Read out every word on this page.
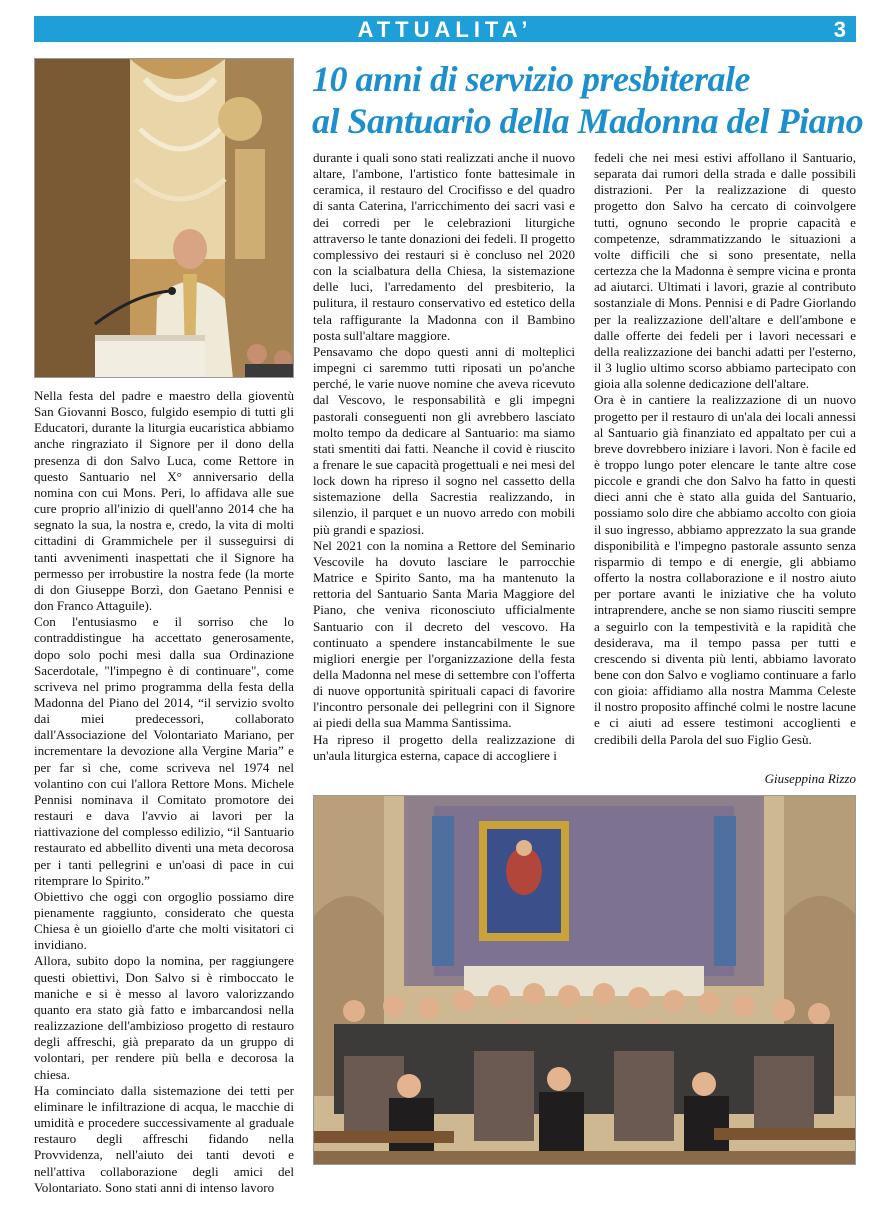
ATTUALITA’	3
10 anni di servizio presbiterale
al Santuario della Madonna del Piano

Nella festa del padre e maestro della gioventù San Giovanni Bosco, fulgido esempio di tutti gli Educatori, durante la liturgia eucaristica abbiamo anche ringraziato il Signore per il dono della presenza di don Salvo Luca, come Rettore in questo Santuario nel X° anniversario della nomina con cui Mons. Peri, lo affidava alle sue cure proprio all'inizio di quell'anno 2014 che ha segnato la sua, la nostra e, credo, la vita di molti cittadini di Grammichele per il susseguirsi di tanti avvenimenti inaspettati che il Signore ha permesso per irrobustire la nostra fede (la morte di don Giuseppe Borzì, don Gaetano Pennisi e don Franco Attaguile).

Con l'entusiasmo e il sorriso che lo contraddistingue ha accettato generosamente, dopo solo pochi mesi dalla sua Ordinazione Sacerdotale, "l'impegno è di continuare", come scriveva nel primo programma della festa della Madonna del Piano del 2014, “il servizio svolto dai miei predecessori, collaborato dall'Associazione del Volontariato Mariano, per incrementare la devozione alla Vergine Maria” e per far sì che, come scriveva nel 1974 nel volantino con cui l'allora Rettore Mons. Michele Pennisi nominava il Comitato promotore dei restauri e dava l'avvio ai lavori per la riattivazione del complesso edilizio, “il Santuario restaurato ed abbellito diventi una meta decorosa per i tanti pellegrini e un'oasi di pace in cui ritemprare lo Spirito.”

Obiettivo che oggi con orgoglio possiamo dire pienamente raggiunto, considerato che questa Chiesa è un gioiello d'arte che molti visitatori ci invidiano.

Allora, subito dopo la nomina, per raggiungere questi obiettivi, Don Salvo si è rimboccato le maniche e si è messo al lavoro valorizzando quanto era stato già fatto e imbarcandosi nella realizzazione dell'ambizioso progetto di restauro degli affreschi, già preparato da un gruppo di volontari, per rendere più bella e decorosa la chiesa.

Ha cominciato dalla sistemazione dei tetti per eliminare le infiltrazione di acqua, le macchie di umidità e procedere successivamente al graduale restauro degli affreschi fidando nella Provvidenza, nell'aiuto dei tanti devoti e nell'attiva collaborazione degli amici del Volontariato. Sono stati anni di intenso lavoro

durante i quali sono stati realizzati anche il nuovo altare, l'ambone, l'artistico fonte battesimale in ceramica, il restauro del Crocifisso e del quadro di santa Caterina, l'arricchimento dei sacri vasi e dei corredi per le celebrazioni liturgiche attraverso le tante donazioni dei fedeli. Il progetto complessivo dei restauri si è concluso nel 2020 con la scialbatura della Chiesa, la sistemazione delle luci, l'arredamento del presbiterio, la pulitura, il restauro conservativo ed estetico della tela raffigurante la Madonna con il Bambino posta sull'altare maggiore.

Pensavamo che dopo questi anni di molteplici impegni ci saremmo tutti riposati un po'anche perché, le varie nuove nomine che aveva ricevuto dal Vescovo, le responsabilità e gli impegni pastorali conseguenti non gli avrebbero lasciato molto tempo da dedicare al Santuario: ma siamo stati smentiti dai fatti. Neanche il covid è riuscito a frenare le sue capacità progettuali e nei mesi del lock down ha ripreso il sogno nel cassetto della sistemazione della Sacrestia realizzando, in silenzio, il parquet e un nuovo arredo con mobili più grandi e spaziosi.

Nel 2021 con la nomina a Rettore del Seminario Vescovile ha dovuto lasciare le parrocchie Matrice e Spirito Santo, ma ha mantenuto la rettoria del Santuario Santa Maria Maggiore del Piano, che veniva riconosciuto ufficialmente Santuario con il decreto del vescovo. Ha continuato a spendere instancabilmente le sue migliori energie per l'organizzazione della festa della Madonna nel mese di settembre con l'offerta di nuove opportunità spirituali capaci di favorire l'incontro personale dei pellegrini con il Signore ai piedi della sua Mamma Santissima.

Ha ripreso il progetto della realizzazione di un'aula liturgica esterna, capace di accogliere i

fedeli che nei mesi estivi affollano il Santuario, separata dai rumori della strada e dalle possibili distrazioni. Per la realizzazione di questo progetto don Salvo ha cercato di coinvolgere tutti, ognuno secondo le proprie capacità e competenze, sdrammatizzando le situazioni a volte difficili che si sono presentate, nella certezza che la Madonna è sempre vicina e pronta ad aiutarci. Ultimati i lavori, grazie al contributo sostanziale di Mons. Pennisi e di Padre Giorlando per la realizzazione dell'altare e dell'ambone e dalle offerte dei fedeli per i lavori necessari e della realizzazione dei banchi adatti per l'esterno, il 3 luglio ultimo scorso abbiamo partecipato con gioia alla solenne dedicazione dell'altare.

Ora è in cantiere la realizzazione di un nuovo progetto per il restauro di un'ala dei locali annessi al Santuario già finanziato ed appaltato per cui a breve dovrebbero iniziare i lavori. Non è facile ed è troppo lungo poter elencare le tante altre cose piccole e grandi che don Salvo ha fatto in questi dieci anni che è stato alla guida del Santuario, possiamo solo dire che abbiamo accolto con gioia il suo ingresso, abbiamo apprezzato la sua grande disponibilità e l'impegno pastorale assunto senza risparmio di tempo e di energie, gli abbiamo offerto la nostra collaborazione e il nostro aiuto per portare avanti le iniziative che ha voluto intraprendere, anche se non siamo riusciti sempre a seguirlo con la tempestività e la rapidità che desiderava, ma il tempo passa per tutti e crescendo si diventa più lenti, abbiamo lavorato bene con don Salvo e vogliamo continuare a farlo con gioia: affidiamo alla nostra Mamma Celeste il nostro proposito affinché colmi le nostre lacune e ci aiuti ad essere testimoni accoglienti e credibili della Parola del suo Figlio Gesù.

Giuseppina Rizzo
